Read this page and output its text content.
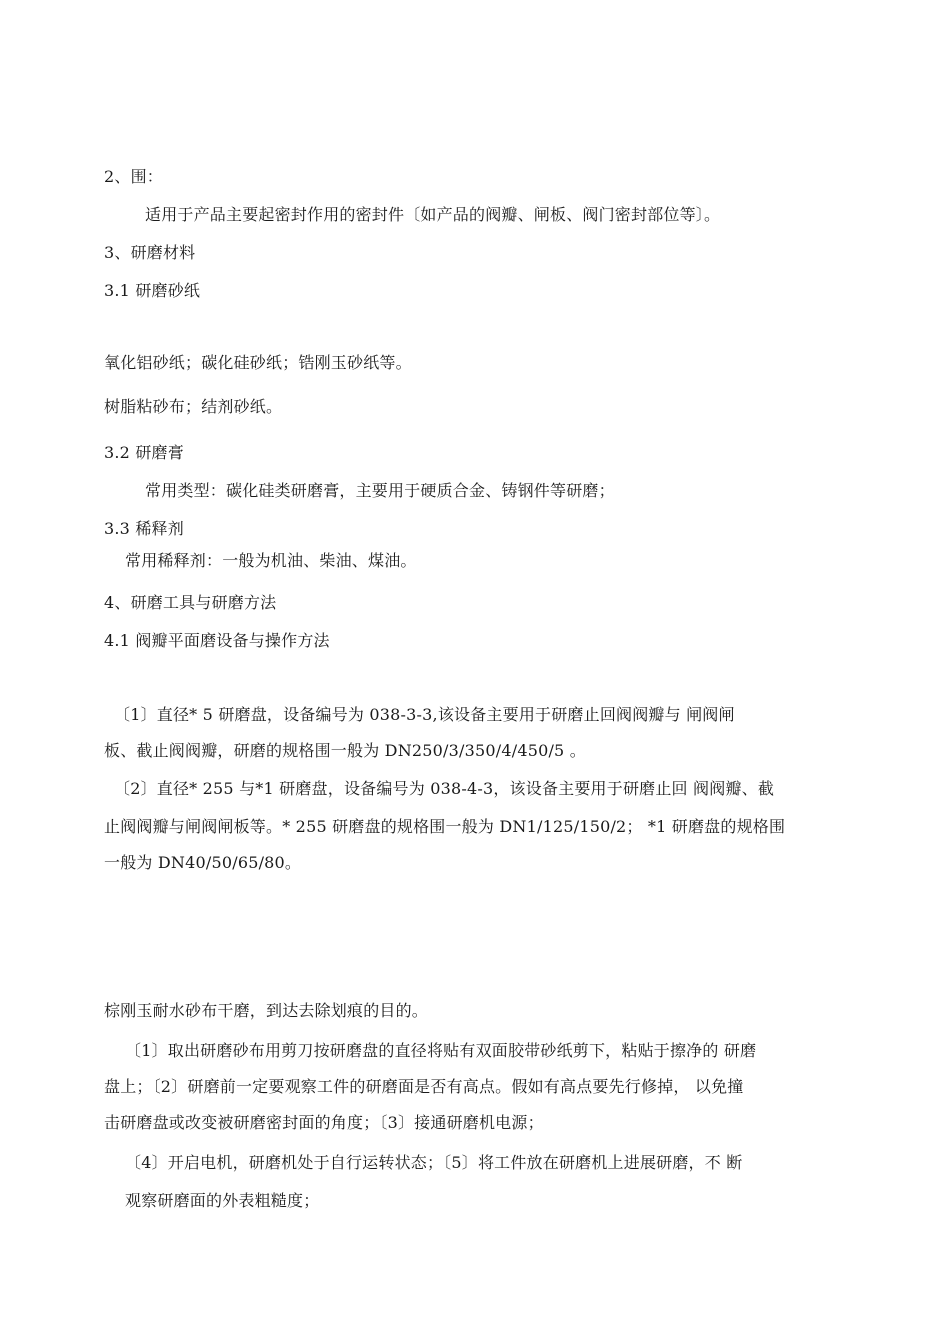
2、围：
适用于产品主要起密封作用的密封件〔如产品的阀瓣、闸板、阀门密封部位等〕。
3、研磨材料
3.1 研磨砂纸
氧化铝砂纸；碳化硅砂纸；锆刚玉砂纸等。
树脂粘砂布；结剂砂纸。
3.2 研磨膏
常用类型：碳化硅类研磨膏，主要用于硬质合金、铸钢件等研磨；
3.3 稀释剂
常用稀释剂：一般为机油、柴油、煤油。
4、研磨工具与研磨方法
4.1 阀瓣平面磨设备与操作方法
〔1〕直径* 5 研磨盘，设备编号为 038-3-3,该设备主要用于研磨止回阀阀瓣与 闸阀闸
板、截止阀阀瓣，研磨的规格围一般为 DN250/3/350/4/450/5 。
〔2〕直径* 255 与*1 研磨盘，设备编号为 038-4-3，该设备主要用于研磨止回 阀阀瓣、截
止阀阀瓣与闸阀闸板等。* 255 研磨盘的规格围一般为 DN1/125/150/2； *1 研磨盘的规格围
一般为 DN40/50/65/80。
棕刚玉耐水砂布干磨，到达去除划痕的目的。
〔1〕取出研磨砂布用剪刀按研磨盘的直径将贴有双面胶带砂纸剪下，粘贴于擦净的 研磨
盘上；〔2〕研磨前一定要观察工件的研磨面是否有高点。假如有高点要先行修掉， 以免撞
击研磨盘或改变被研磨密封面的角度；〔3〕接通研磨机电源；
〔4〕开启电机，研磨机处于自行运转状态；〔5〕将工件放在研磨机上进展研磨，不 断
观察研磨面的外表粗糙度；
